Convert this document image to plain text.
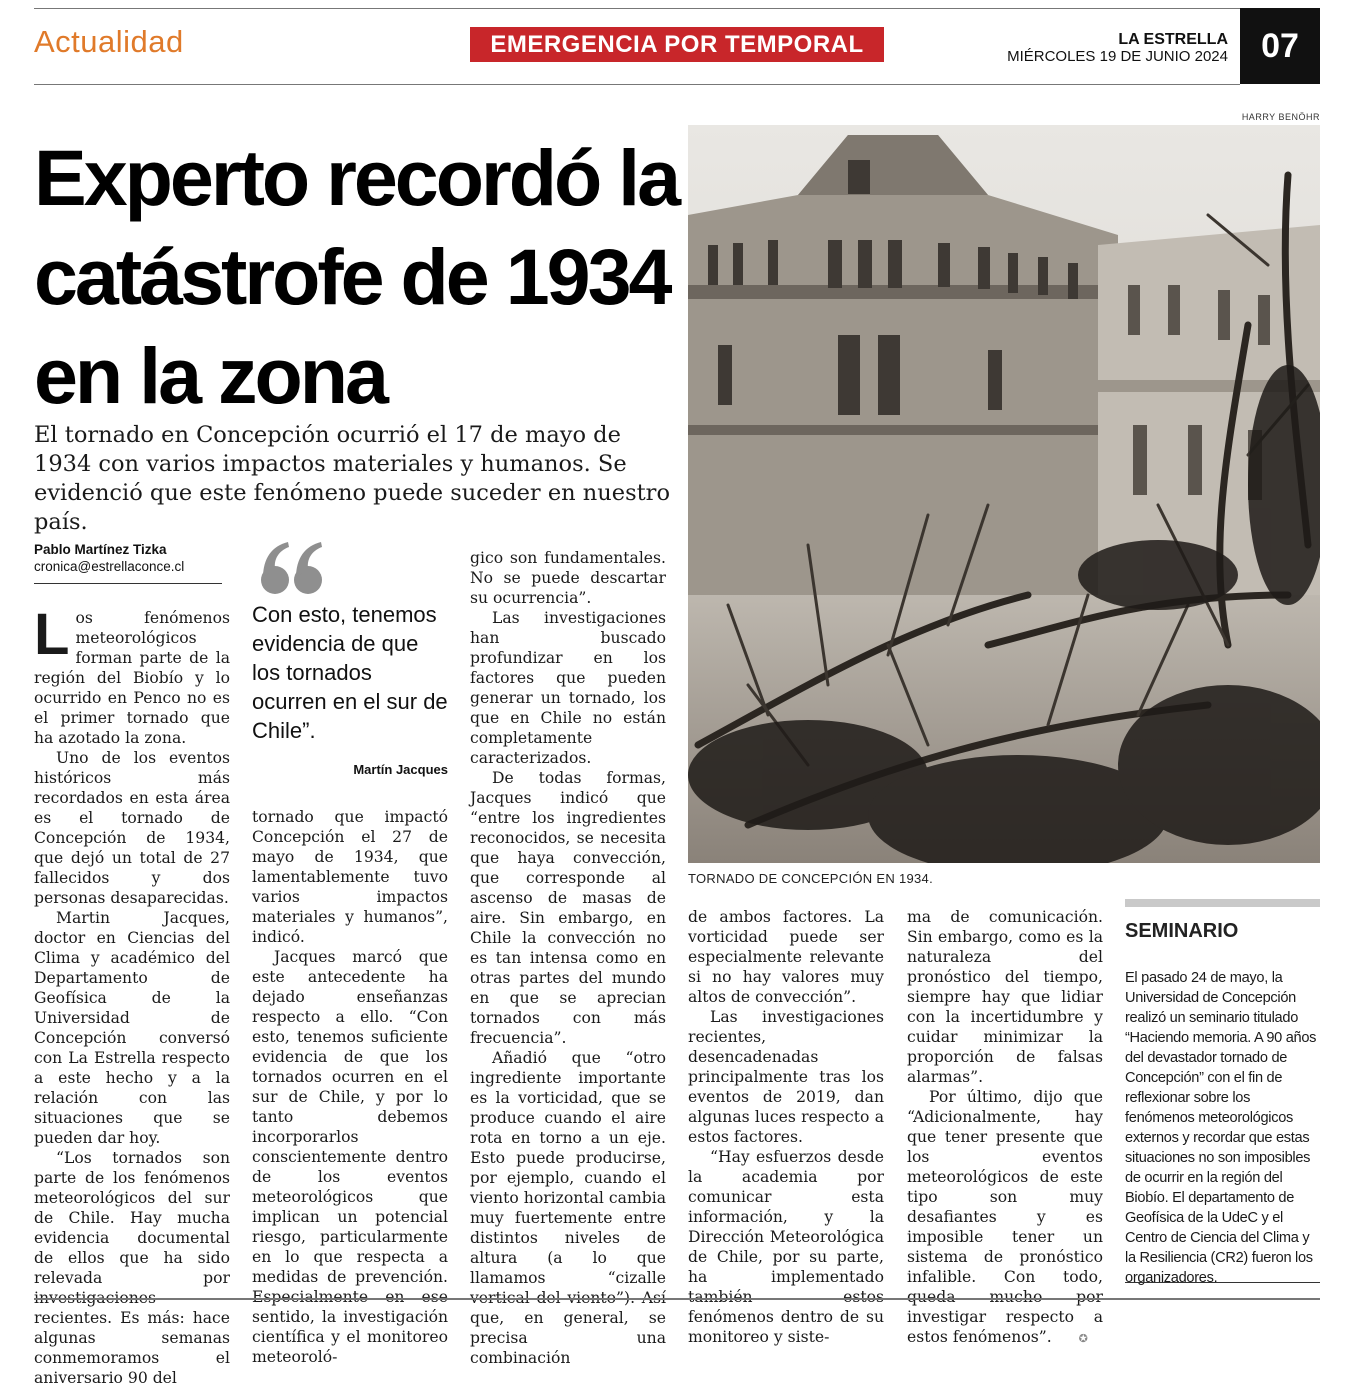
Actualidad	EMERGENCIA POR TEMPORAL	LA ESTRELLA
MIÉRCOLES 19 DE JUNIO 2024 07
Experto recordó la catástrofe de 1934 en la zona
El tornado en Concepción ocurrió el 17 de mayo de 1934 con varios impactos materiales y humanos. Se evidenció que este fenómeno puede suceder en nuestro país.
Pablo Martínez Tizka
cronica@estrellaconce.cl

Los fenómenos meteorológicos forman parte de la región del Biobío y lo ocurrido en Penco no es el primer tornado que ha azotado la zona.

Uno de los eventos históricos más recordados en esta área es el tornado de Concepción de 1934, que dejó un total de 27 fallecidos y dos personas desaparecidas.

Martin Jacques, doctor en Ciencias del Clima y académico del Departamento de Geofísica de la Universidad de Concepción conversó con La Estrella respecto a este hecho y a la relación con las situaciones que se pueden dar hoy.

“Los tornados son parte de los fenómenos meteorológicos del sur de Chile. Hay mucha evidencia documental de ellos que ha sido relevada por investigaciones recientes. Es más: hace algunas semanas conmemoramos el aniversario 90 del

Con esto, tenemos evidencia de que los tornados ocurren en el sur de Chile”.
Martín Jacques

tornado que impactó Concepción el 27 de mayo de 1934, que lamentablemente tuvo varios impactos materiales y humanos”, indicó.

Jacques marcó que este antecedente ha dejado enseñanzas respecto a ello. “Con esto, tenemos suficiente evidencia de que los tornados ocurren en el sur de Chile, y por lo tanto debemos incorporarlos conscientemente dentro de los eventos meteorológicos que implican un potencial riesgo, particularmente en lo que respecta a medidas de prevención. Especialmente en ese sentido, la investigación científica y el monitoreo meteoroló-

gico son fundamentales. No se puede descartar su ocurrencia”.

Las investigaciones han buscado profundizar en los factores que pueden generar un tornado, los que en Chile no están completamente caracterizados.

De todas formas, Jacques indicó que “entre los ingredientes reconocidos, se necesita que haya convección, que corresponde al ascenso de masas de aire. Sin embargo, en Chile la convección no es tan intensa como en otras partes del mundo en que se aprecian tornados con más frecuencia”.

Añadió que “otro ingrediente importante es la vorticidad, que se produce cuando el aire rota en torno a un eje. Esto puede producirse, por ejemplo, cuando el viento horizontal cambia muy fuertemente entre distintos niveles de altura (a lo que llamamos “cizalle vertical del viento”). Así que, en general, se precisa una combinación

HARRY BENÖHR
TORNADO DE CONCEPCIÓN EN 1934.

de ambos factores. La vorticidad puede ser especialmente relevante si no hay valores muy altos de convección”.

Las investigaciones recientes, desencadenadas principalmente tras los eventos de 2019, dan algunas luces respecto a estos factores.

“Hay esfuerzos desde la academia por comunicar esta información, y la Dirección Meteorológica de Chile, por su parte, ha implementado también estos fenómenos dentro de su monitoreo y siste-

ma de comunicación. Sin embargo, como es la naturaleza del pronóstico del tiempo, siempre hay que lidiar con la incertidumbre y cuidar minimizar la proporción de falsas alarmas”.

Por último, dijo que “Adicionalmente, hay que tener presente que los eventos meteorológicos de este tipo son muy desafiantes y es imposible tener un sistema de pronóstico infalible. Con todo, queda mucho por investigar respecto a estos fenómenos”. ✪

SEMINARIO
El pasado 24 de mayo, la Universidad de Concepción realizó un seminario titulado “Haciendo memoria. A 90 años del devastador tornado de Concepción” con el fin de reflexionar sobre los fenómenos meteorológicos externos y recordar que estas situaciones no son imposibles de ocurrir en la región del Biobío. El departamento de Geofísica de la UdeC y el Centro de Ciencia del Clima y la Resiliencia (CR2) fueron los organizadores.
